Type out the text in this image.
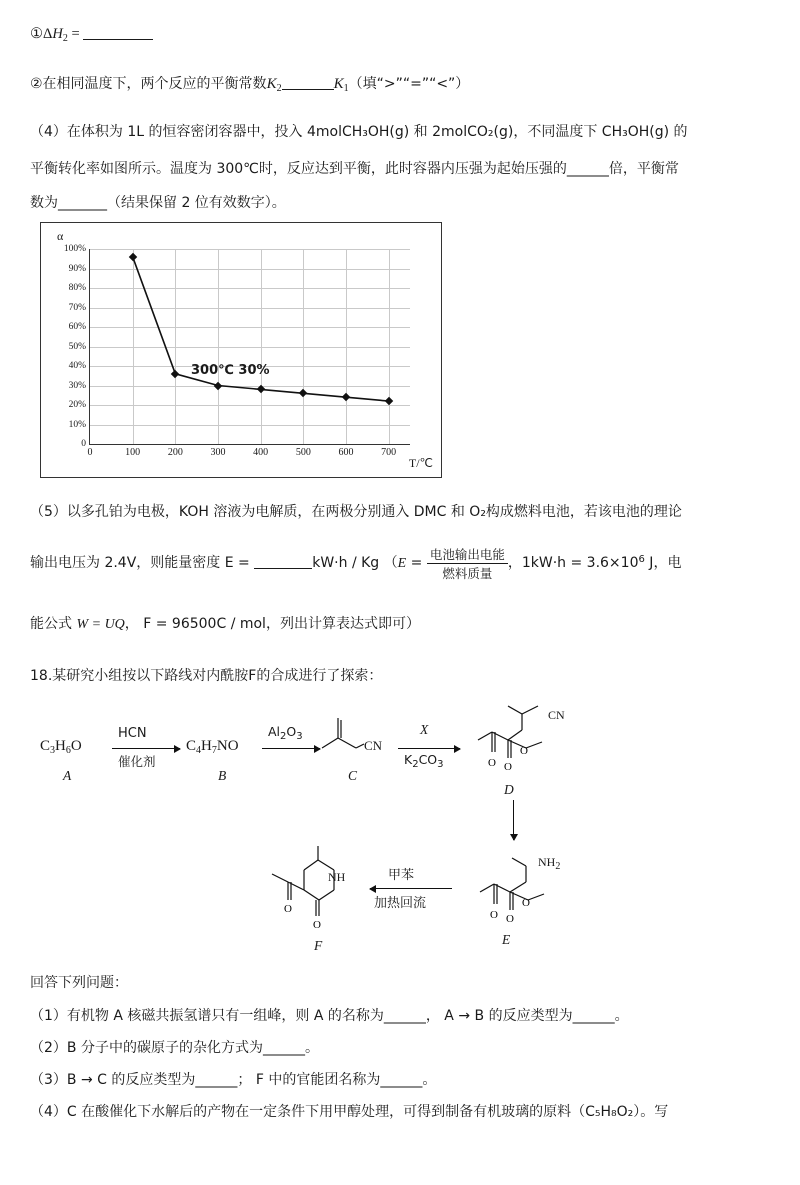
$①\Delta H_2$ =
②在相同温度下，两个反应的平衡常数$K_2$	$K_1$（填“>”“=”“<”）
（4）在体积为 1L 的恒容密闭容器中，投入 4molCH₃OH(g) 和 2molCO₂(g)，不同温度下 CH₃OH(g) 的
平衡转化率如图所示。温度为 300℃时，反应达到平衡，此时容器内压强为起始压强的______倍，平衡常
数为_______（结果保留 2 位有效数字）。
α
T/℃
0
10%
20%
30%
40%
50%
60%
70%
80%
90%
100%
0	100	200	300	400	500	600	700
300℃ 30%
（5）以多孔铂为电极，KOH 溶液为电解质，在两极分别通入 DMC 和 O₂构成燃料电池，若该电池的理论
输出电压为 2.4V，则能量密度 E =	kW·h / Kg （$E = \frac{\text{电池输出电能}}{\text{燃料质量}}$ ，$1kW\cdot h = 3.6\times 10^6$ J，电
能公式 W = UQ， F = 96500C / mol，列出计算表达式即可）
18.某研究小组按以下路线对内酰胺F的合成进行了探索：
$C_3H_6O$
A
HCN
催化剂
$C_4H_7NO$
B
$Al_2O_3$
CN
C
X
$K_2CO_3$	O O
O
CN
D
O O
O
$NH_2$
E
甲苯
加热回流
O
O
NH
F
回答下列问题：
（1）有机物 A 核磁共振氢谱只有一组峰，则 A 的名称为______， A → B 的反应类型为______。
（2）B 分子中的碳原子的杂化方式为______。
（3）B → C 的反应类型为______； F 中的官能团名称为______。
（4）C 在酸催化下水解后的产物在一定条件下用甲醇处理，可得到制备有机玻璃的原料（C₅H₈O₂）。写
